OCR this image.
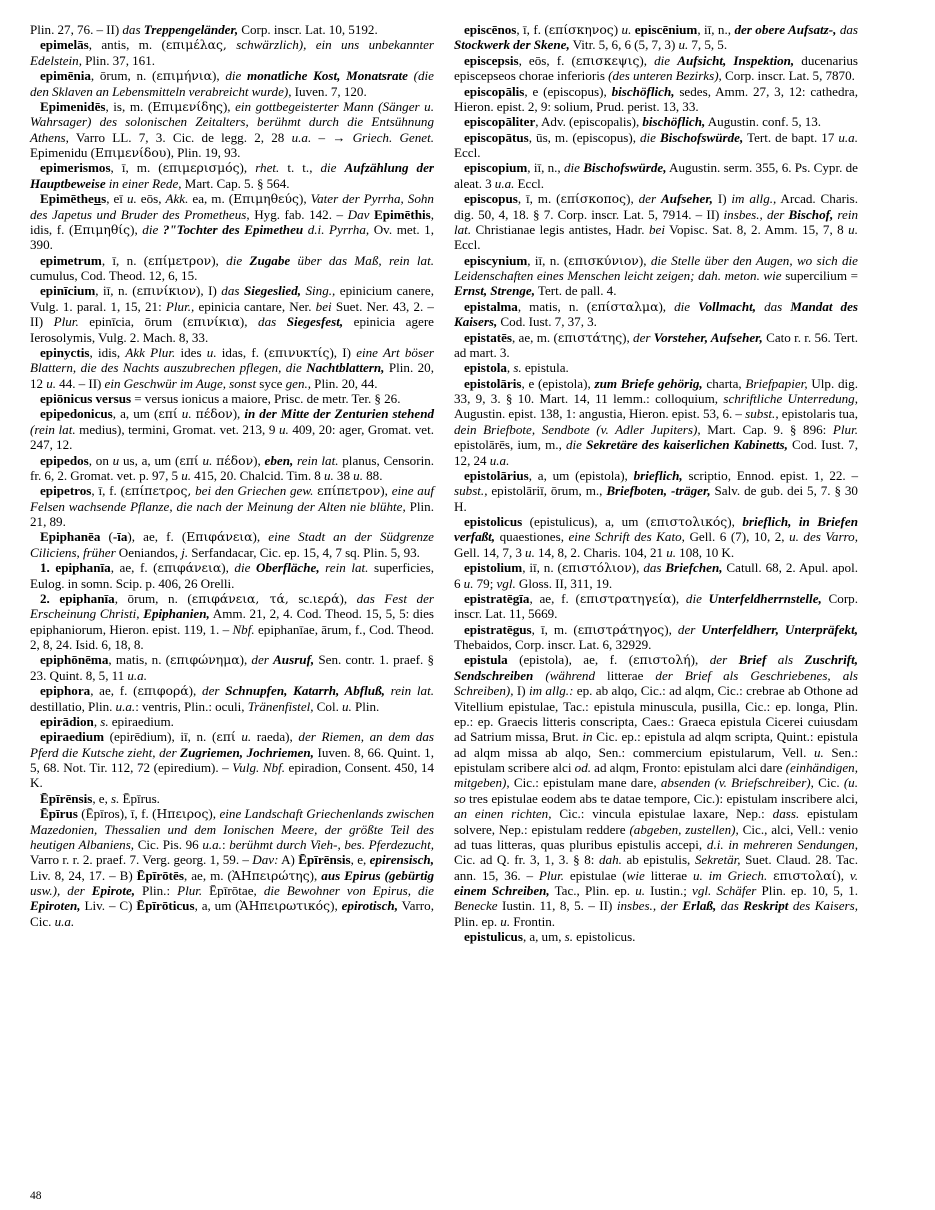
Plin. 27, 76. – II) das Treppengeländer, Corp. inscr. Lat. 10, 5192.

epimelās, antis, m. (επιμέλας, schwärzlich), ein uns unbekannter Edelstein, Plin. 37, 161.

epimēnia, ōrum, n. (επιμήνια), die monatliche Kost, Monatsrate (die den Sklaven an Lebensmitteln verabreicht wurde), Iuven. 7, 120.

Epimenidēs, is, m. (Επιμενίδης), ein gottbegeisterter Mann (Sänger u. Wahrsager) des solonischen Zeitalters, berühmt durch die Entsühnung Athens, Varro LL. 7, 3. Cic. de legg. 2, 28 u.a. – → Griech. Genet. Epimenidu (Επιμενίδου), Plin. 19, 93.

epimerismos, ī, m. (επιμερισμός), rhet. t. t., die Aufzählung der Hauptbeweise in einer Rede, Mart. Cap. 5. § 564.

Epimētheus, eī u. eōs, Akk. ea, m. (Επιμηθεύς), Vater der Pyrrha, Sohn des Japetus und Bruder des Prometheus, Hyg. fab. 142. – Dav Epimēthis, idis, f. (Επιμηθίς), die ?"Tochter des Epimetheu d.i. Pyrrha, Ov. met. 1, 390.

epimetrum, ī, n. (επίμετρον), die Zugabe über das Maß, rein lat. cumulus, Cod. Theod. 12, 6, 15.

epinīcium, iī, n. (επινίκιον), I) das Siegeslied, Sing., epinicium canere, Vulg. 1. paral. 1, 15, 21: Plur., epinicia cantare, Ner. bei Suet. Ner. 43, 2. – II) Plur. epinīcia, ōrum (επινίκια), das Siegesfest, epinicia agere Ierosolymis, Vulg. 2. Mach. 8, 33.

epinyctis, idis, Akk Plur. ides u. idas, f. (επινυκτίς), I) eine Art böser Blattern, die des Nachts auszubrechen pflegen, die Nachtblattern, Plin. 20, 12 u. 44. – II) ein Geschwür im Auge, sonst syce gen., Plin. 20, 44.

epiōnicus versus = versus ionicus a maiore, Prisc. de metr. Ter. § 26.

epipedonicus, a, um (επί u. πέδον), in der Mitte der Zenturien stehend (rein lat. medius), termini, Gromat. vet. 213, 9 u. 409, 20: ager, Gromat. vet. 247, 12.

epipedos, on u us, a, um (επί u. πέδον), eben, rein lat. planus, Censorin. fr. 6, 2. Gromat. vet. p. 97, 5 u. 415, 20. Chalcid. Tim. 8 u. 38 u. 88.

epipetros, ī, f. (επίπετρος, bei den Griechen gew. επίπετρον), eine auf Felsen wachsende Pflanze, die nach der Meinung der Alten nie blühte, Plin. 21, 89.

Epiphanēa (-īa), ae, f. (Επιφάνεια), eine Stadt an der Südgrenze Ciliciens, früher Oeniandos, j. Serfandacar, Cic. ep. 15, 4, 7 sq. Plin. 5, 93.

1. epiphanīa, ae, f. (επιφάνεια), die Oberfläche, rein lat. superficies, Eulog. in somn. Scip. p. 406, 26 Orelli.

2. epiphanīa, ōrum, n. (επιφάνεια, τά, sc.ιερά), das Fest der Erscheinung Christi, Epiphanien, Amm. 21, 2, 4. Cod. Theod. 15, 5, 5: dies epiphaniorum, Hieron. epist. 119, 1. – Nbf. epiphanīae, ārum, f., Cod. Theod. 2, 8, 24. Isid. 6, 18, 8.

epiphōnēma, matis, n. (επιφώνημα), der Ausruf, Sen. contr. 1. praef. § 23. Quint. 8, 5, 11 u.a.

epiphora, ae, f. (επιφορά), der Schnupfen, Katarrh, Abfluß, rein lat. destillatio, Plin. u.a.: ventris, Plin.: oculi, Tränenfistel, Col. u. Plin.

epirādion, s. epiraedium.

epiraedium (epirēdium), iī, n. (επί u. raeda), der Riemen, an dem das Pferd die Kutsche zieht, der Zugriemen, Jochriemen, Iuven. 8, 66. Quint. 1, 5, 68. Not. Tir. 112, 72 (epiredium). – Vulg. Nbf. epiradion, Consent. 450, 14 K.

Ēpīrēnsis, e, s. Ēpīrus.

Ēpīrus (Ēpīros), ī, f. (Ηπειρος), eine Landschaft Griechenlands zwischen Mazedonien, Thessalien und dem Ionischen Meere, der größte Teil des heutigen Albaniens, Cic. Pis. 96 u.a.: berühmt durch Vieh-, bes. Pferdezucht, Varro r. r. 2. praef. 7. Verg. georg. 1, 59. – Dav: A) Ēpīrēnsis, e, epirensisch, Liv. 8, 24, 17. – B) Ēpīrōtēs, ae, m. (ᾺΗπειρώτης), aus Epirus (gebürtig usw.), der Epirote, Plin.: Plur. Ēpīrōtae, die Bewohner von Epirus, die Epiroten, Liv. – C) Ēpīrōticus, a, um (ᾺΗπειρωτικός), epirotisch, Varro, Cic. u.a.

episcēnos, ī, f. (επίσκηνος) u. episcēnium, iī, n., der obere Aufsatz-, das Stockwerk der Skene, Vitr. 5, 6, 6 (5, 7, 3) u. 7, 5, 5.

episcepsis, eōs, f. (επισκεψις), die Aufsicht, Inspektion, ducenarius episcepseos chorae inferioris (des unteren Bezirks), Corp. inscr. Lat. 5, 7870.

episcopālis, e (episcopus), bischöflich, sedes, Amm. 27, 3, 12: cathedra, Hieron. epist. 2, 9: solium, Prud. perist. 13, 33.

episcopāliter, Adv. (episcopalis), bischöflich, Augustin. conf. 5, 13.

episcopātus, ūs, m. (episcopus), die Bischofswürde, Tert. de bapt. 17 u.a. Eccl.

episcopium, iī, n., die Bischofswürde, Augustin. serm. 355, 6. Ps. Cypr. de aleat. 3 u.a. Eccl.

episcopus, ī, m. (επίσκοπος), der Aufseher, I) im allg., Arcad. Charis. dig. 50, 4, 18. § 7. Corp. inscr. Lat. 5, 7914. – II) insbes., der Bischof, rein lat. Christianae legis antistes, Hadr. bei Vopisc. Sat. 8, 2. Amm. 15, 7, 8 u. Eccl.

episcynium, iī, n. (επισκύνιον), die Stelle über den Augen, wo sich die Leidenschaften eines Menschen leicht zeigen; dah. meton. wie supercilium = Ernst, Strenge, Tert. de pall. 4.

epistalma, matis, n. (επίσταλμα), die Vollmacht, das Mandat des Kaisers, Cod. Iust. 7, 37, 3.

epistatēs, ae, m. (επιστάτης), der Vorsteher, Aufseher, Cato r. r. 56. Tert. ad mart. 3.

epistola, s. epistula.

epistolāris, e (epistola), zum Briefe gehörig, charta, Briefpapier, Ulp. dig. 33, 9, 3. § 10. Mart. 14, 11 lemm.: colloquium, schriftliche Unterredung, Augustin. epist. 138, 1: angustia, Hieron. epist. 53, 6. – subst., epistolaris tua, dein Briefbote, Sendbote (v. Adler Jupiters), Mart. Cap. 9. § 896: Plur. epistolārēs, ium, m., die Sekretäre des kaiserlichen Kabinetts, Cod. Iust. 7, 12, 24 u.a.

epistolārius, a, um (epistola), brieflich, scriptio, Ennod. epist. 1, 22. – subst., epistolāriī, ōrum, m., Briefboten, -träger, Salv. de gub. dei 5, 7. § 30 H.

epistolicus (epistulicus), a, um (επιστολικός), brieflich, in Briefen verfaßt, quaestiones, eine Schrift des Kato, Gell. 6 (7), 10, 2, u. des Varro, Gell. 14, 7, 3 u. 14, 8, 2. Charis. 104, 21 u. 108, 10 K.

epistolium, iī, n. (επιστόλιον), das Briefchen, Catull. 68, 2. Apul. apol. 6 u. 79; vgl. Gloss. II, 311, 19.

epistratēgīa, ae, f. (επιστρατηγεία), die Unterfeldherrnstelle, Corp. inscr. Lat. 11, 5669.

epistratēgus, ī, m. (επιστράτηγος), der Unterfeldherr, Unterpräfekt, Thebaidos, Corp. inscr. Lat. 6, 32929.

epistula (epistola), ae, f. (επιστολή), der Brief als Zuschrift, Sendschreiben (während litterae der Brief als Geschriebenes, als Schreiben), I) im allg.: ep. ab alqo, Cic.: ad alqm, Cic.: crebrae ab Othone ad Vitellium epistulae, Tac.: epistula minuscula, pusilla, Cic.: ep. longa, Plin. ep.: ep. Graecis litteris conscripta, Caes.: Graeca epistula Cicerei cuiusdam ad Satrium missa, Brut. in Cic. ep.: epistula ad alqm scripta, Quint.: epistula ad alqm missa ab alqo, Sen.: commercium epistularum, Vell. u. Sen.: epistulam scribere alci od. ad alqm, Fronto: epistulam alci dare (einhändigen, mitgeben), Cic.: epistulam mane dare, absenden (v. Briefschreiber), Cic. (u. so tres epistulae eodem abs te datae tempore, Cic.): epistulam inscribere alci, an einen richten, Cic.: vincula epistulae laxare, Nep.: dass. epistulam solvere, Nep.: epistulam reddere (abgeben, zustellen), Cic., alci, Vell.: venio ad tuas litteras, quas pluribus epistulis accepi, d.i. in mehreren Sendungen, Cic. ad Q. fr. 3, 1, 3. § 8: dah. ab epistulis, Sekretär, Suet. Claud. 28. Tac. ann. 15, 36. – Plur. epistulae (wie litterae u. im Griech. επιστολαί), v. einem Schreiben, Tac., Plin. ep. u. Iustin.; vgl. Schäfer Plin. ep. 10, 5, 1. Benecke Iustin. 11, 8, 5. – II) insbes., der Erlaß, das Reskript des Kaisers, Plin. ep. u. Frontin.

epistulicus, a, um, s. epistolicus.

48
